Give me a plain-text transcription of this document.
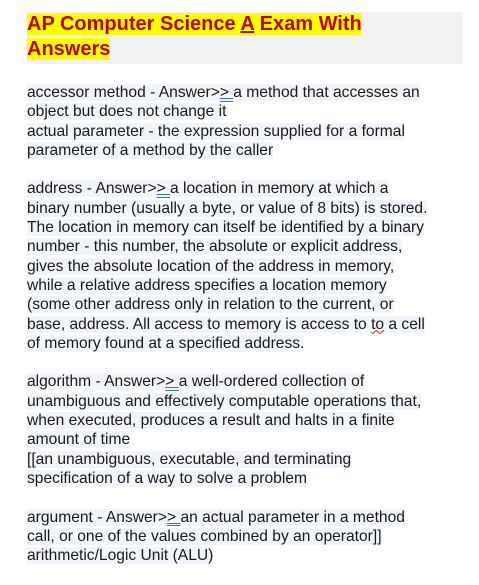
AP Computer Science A Exam With
Answers
accessor method - Answer>> a method that accesses an
object but does not change it
actual parameter - the expression supplied for a formal
parameter of a method by the caller
address - Answer>> a location in memory at which a
binary number (usually a byte, or value of 8 bits) is stored.
The location in memory can itself be identified by a binary
number - this number, the absolute or explicit address,
gives the absolute location of the address in memory,
while a relative address specifies a location memory
(some other address only in relation to the current, or
base, address. All access to memory is access to to a cell
of memory found at a specified address.
algorithm - Answer>> a well-ordered collection of
unambiguous and effectively computable operations that,
when executed, produces a result and halts in a finite
amount of time
[[an unambiguous, executable, and terminating
specification of a way to solve a problem
argument - Answer>> an actual parameter in a method
call, or one of the values combined by an operator]]
arithmetic/Logic Unit (ALU)
